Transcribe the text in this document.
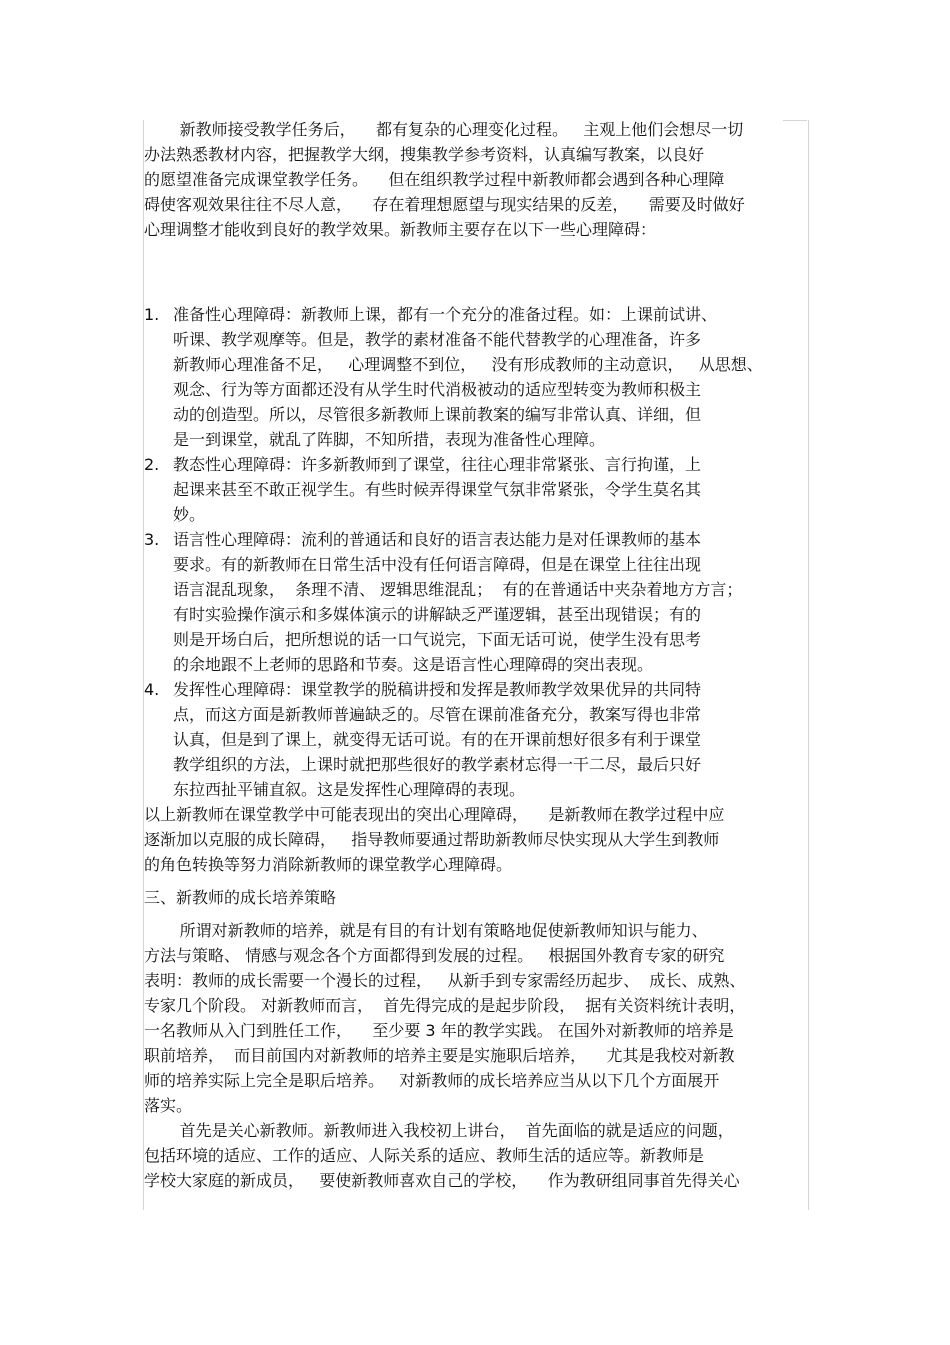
新教师接受教学任务后，    都有复杂的心理变化过程。   主观上他们会想尽一切
办法熟悉教材内容，把握教学大纲，搜集教学参考资料，认真编写教案，以良好
的愿望准备完成课堂教学任务。    但在组织教学过程中新教师都会遇到各种心理障
碍使客观效果往往不尽人意，    存在着理想愿望与现实结果的反差，    需要及时做好
心理调整才能收到良好的教学效果。新教师主要存在以下一些心理障碍：
1. 准备性心理障碍：新教师上课，都有一个充分的准备过程。如：上课前试讲、
听课、教学观摩等。但是，教学的素材准备不能代替教学的心理准备，许多
新教师心理准备不足，   心理调整不到位，   没有形成教师的主动意识，   从思想、
观念、行为等方面都还没有从学生时代消极被动的适应型转变为教师积极主
动的创造型。所以，尽管很多新教师上课前教案的编写非常认真、详细，但
是一到课堂，就乱了阵脚，不知所措，表现为准备性心理障。
2. 教态性心理障碍：许多新教师到了课堂，往往心理非常紧张、言行拘谨，上
起课来甚至不敢正视学生。有些时候弄得课堂气氛非常紧张，令学生莫名其
妙。
3. 语言性心理障碍：流利的普通话和良好的语言表达能力是对任课教师的基本
要求。有的新教师在日常生活中没有任何语言障碍，但是在课堂上往往出现
语言混乱现象，  条理不清、 逻辑思维混乱；  有的在普通话中夹杂着地方方言；
有时实验操作演示和多媒体演示的讲解缺乏严谨逻辑，甚至出现错误；有的
则是开场白后，把所想说的话一口气说完，下面无话可说，使学生没有思考
的余地跟不上老师的思路和节奏。这是语言性心理障碍的突出表现。
4. 发挥性心理障碍：课堂教学的脱稿讲授和发挥是教师教学效果优异的共同特
点，而这方面是新教师普遍缺乏的。尽管在课前准备充分，教案写得也非常
认真，但是到了课上，就变得无话可说。有的在开课前想好很多有利于课堂
教学组织的方法，上课时就把那些很好的教学素材忘得一干二尽，最后只好
东拉西扯平铺直叙。这是发挥性心理障碍的表现。
以上新教师在课堂教学中可能表现出的突出心理障碍，    是新教师在教学过程中应
逐渐加以克服的成长障碍，   指导教师要通过帮助新教师尽快实现从大学生到教师
的角色转换等努力消除新教师的课堂教学心理障碍。
三、新教师的成长培养策略
所谓对新教师的培养，就是有目的有计划有策略地促使新教师知识与能力、
方法与策略、 情感与观念各个方面都得到发展的过程。   根据国外教育专家的研究
表明：教师的成长需要一个漫长的过程，   从新手到专家需经历起步、  成长、成熟、
专家几个阶段。 对新教师而言，  首先得完成的是起步阶段，  据有关资料统计表明，
一名教师从入门到胜任工作，    至少要 3 年的教学实践。 在国外对新教师的培养是
职前培养，  而目前国内对新教师的培养主要是实施职后培养，    尤其是我校对新教
师的培养实际上完全是职后培养。   对新教师的成长培养应当从以下几个方面展开
落实。
首先是关心新教师。新教师进入我校初上讲台，  首先面临的就是适应的问题，
包括环境的适应、工作的适应、人际关系的适应、教师生活的适应等。新教师是
学校大家庭的新成员，   要使新教师喜欢自己的学校，    作为教研组同事首先得关心
